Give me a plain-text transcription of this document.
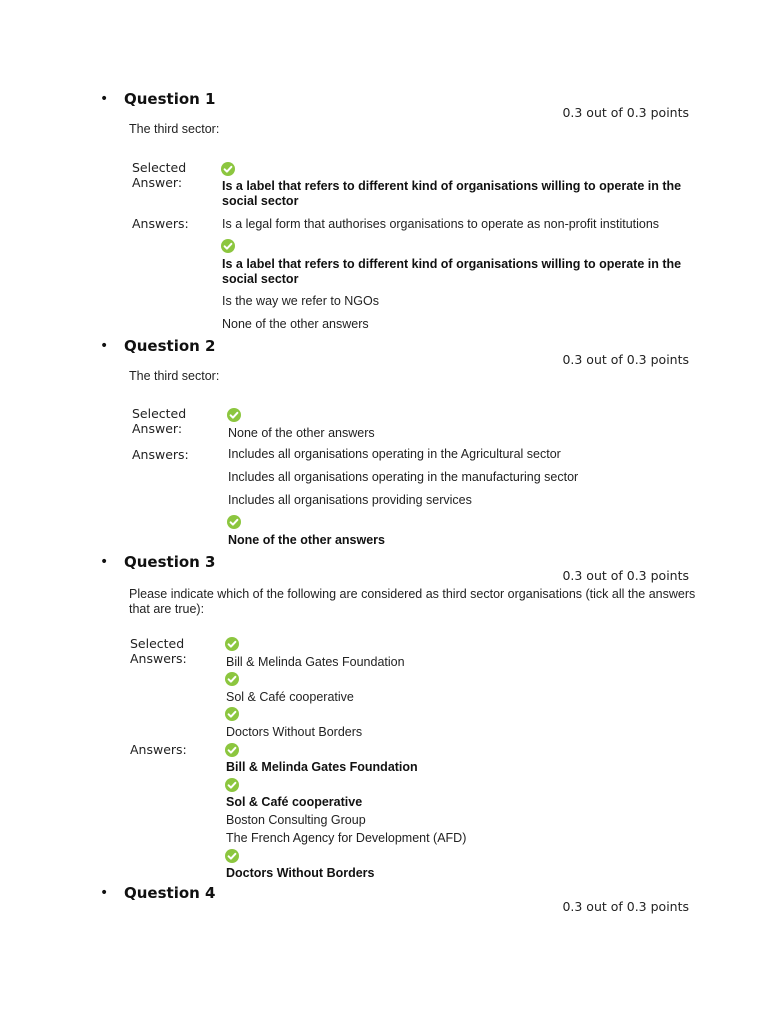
• Question 1
0.3 out of 0.3 points
The third sector:
Selected Answer:	Is a label that refers to different kind of organisations willing to operate in the social sector
Answers:	Is a legal form that authorises organisations to operate as non-profit institutions
Is a label that refers to different kind of organisations willing to operate in the social sector
Is the way we refer to NGOs
None of the other answers
• Question 2
0.3 out of 0.3 points
The third sector:
Selected Answer:	None of the other answers
Answers:	Includes all organisations operating in the Agricultural sector
Includes all organisations operating in the manufacturing sector
Includes all organisations providing services
None of the other answers
• Question 3
0.3 out of 0.3 points
Please indicate which of the following are considered as third sector organisations (tick all the answers that are true):
Selected Answers:	Bill & Melinda Gates Foundation
Sol & Café cooperative
Doctors Without Borders
Answers:
Bill & Melinda Gates Foundation
Sol & Café cooperative
Boston Consulting Group
The French Agency for Development (AFD)
Doctors Without Borders
• Question 4
0.3 out of 0.3 points
